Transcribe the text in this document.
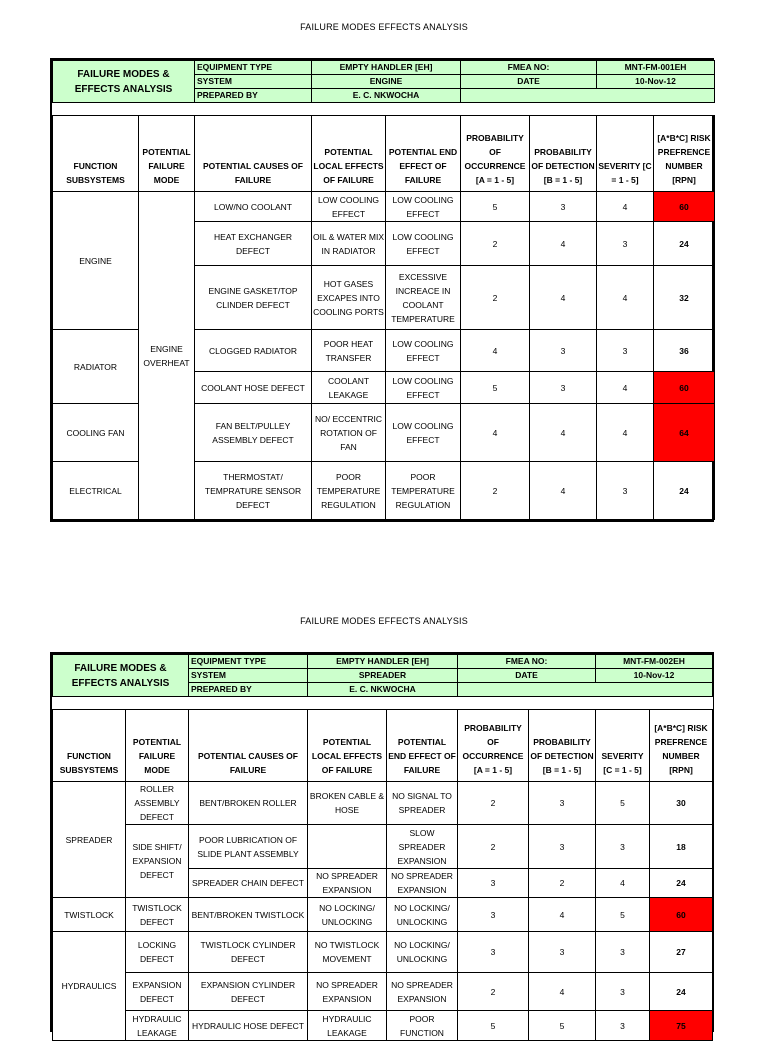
FAILURE MODES EFFECTS ANALYSIS
FAILURE MODES & EFFECTS ANALYSIS		EQUIPMENT TYPE	EMPTY HANDLER [EH]		FMEA NO:		MNT-FM-001EH	
		SYSTEM	ENGINE		DATE		10-Nov-12	
		PREPARED BY	E. C. NKWOCHA					

FUNCTION SUBSYSTEMS	POTENTIAL FAILURE MODE	POTENTIAL CAUSES OF FAILURE	POTENTIAL LOCAL EFFECTS OF FAILURE	POTENTIAL END EFFECT OF FAILURE	PROBABILITY OF OCCURRENCE [A = 1 - 5]	PROBABILITY OF DETECTION [B = 1 - 5]	SEVERITY [C = 1 - 5]	[A*B*C] RISK PREFRENCE NUMBER [RPN]
ENGINE	ENGINE OVERHEAT	LOW/NO COOLANT	LOW COOLING EFFECT	LOW COOLING EFFECT	5	3	4	60
		HEAT EXCHANGER DEFECT	OIL & WATER MIX IN RADIATOR	LOW COOLING EFFECT	2	4	3	24
		ENGINE GASKET/TOP CLINDER DEFECT	HOT GASES EXCAPES INTO COOLING PORTS	EXCESSIVE INCREACE IN COOLANT TEMPERATURE	2	4	4	32
RADIATOR		CLOGGED RADIATOR	POOR HEAT TRANSFER	LOW COOLING EFFECT	4	3	3	36
		COOLANT HOSE DEFECT	COOLANT LEAKAGE	LOW COOLING EFFECT	5	3	4	60
COOLING FAN		FAN BELT/PULLEY ASSEMBLY DEFECT	NO/ ECCENTRIC ROTATION OF FAN	LOW COOLING EFFECT	4	4	4	64
ELECTRICAL		THERMOSTAT/ TEMPRATURE SENSOR DEFECT	POOR TEMPERATURE REGULATION	POOR TEMPERATURE REGULATION	2	4	3	24
FAILURE MODES EFFECTS ANALYSIS
FAILURE MODES & EFFECTS ANALYSIS		EQUIPMENT TYPE	EMPTY HANDLER [EH]		FMEA NO:		MNT-FM-002EH	
		SYSTEM	SPREADER		DATE		10-Nov-12	
		PREPARED BY	E. C. NKWOCHA					

FUNCTION SUBSYSTEMS	POTENTIAL FAILURE MODE	POTENTIAL CAUSES OF FAILURE	POTENTIAL LOCAL EFFECTS OF FAILURE	POTENTIAL END EFFECT OF FAILURE	PROBABILITY OF OCCURRENCE [A = 1 - 5]	PROBABILITY OF DETECTION [B = 1 - 5]	SEVERITY [C = 1 - 5]	[A*B*C] RISK PREFRENCE NUMBER [RPN]
SPREADER	ROLLER ASSEMBLY DEFECT	BENT/BROKEN ROLLER	BROKEN CABLE & HOSE	NO SIGNAL TO SPREADER	2	3	5	30
	SIDE SHIFT/ EXPANSION DEFECT	POOR LUBRICATION OF SLIDE PLANT ASSEMBLY		SLOW SPREADER EXPANSION	2	3	3	18
		SPREADER CHAIN DEFECT	NO SPREADER EXPANSION	NO SPREADER EXPANSION	3	2	4	24
TWISTLOCK	TWISTLOCK DEFECT	BENT/BROKEN TWISTLOCK	NO LOCKING/ UNLOCKING	NO LOCKING/ UNLOCKING	3	4	5	60
HYDRAULICS	LOCKING DEFECT	TWISTLOCK CYLINDER DEFECT	NO TWISTLOCK MOVEMENT	NO LOCKING/ UNLOCKING	3	3	3	27
	EXPANSION DEFECT	EXPANSION CYLINDER DEFECT	NO SPREADER EXPANSION	NO SPREADER EXPANSION	2	4	3	24
	HYDRAULIC LEAKAGE	HYDRAULIC HOSE DEFECT	HYDRAULIC LEAKAGE	POOR FUNCTION	5	5	3	75
